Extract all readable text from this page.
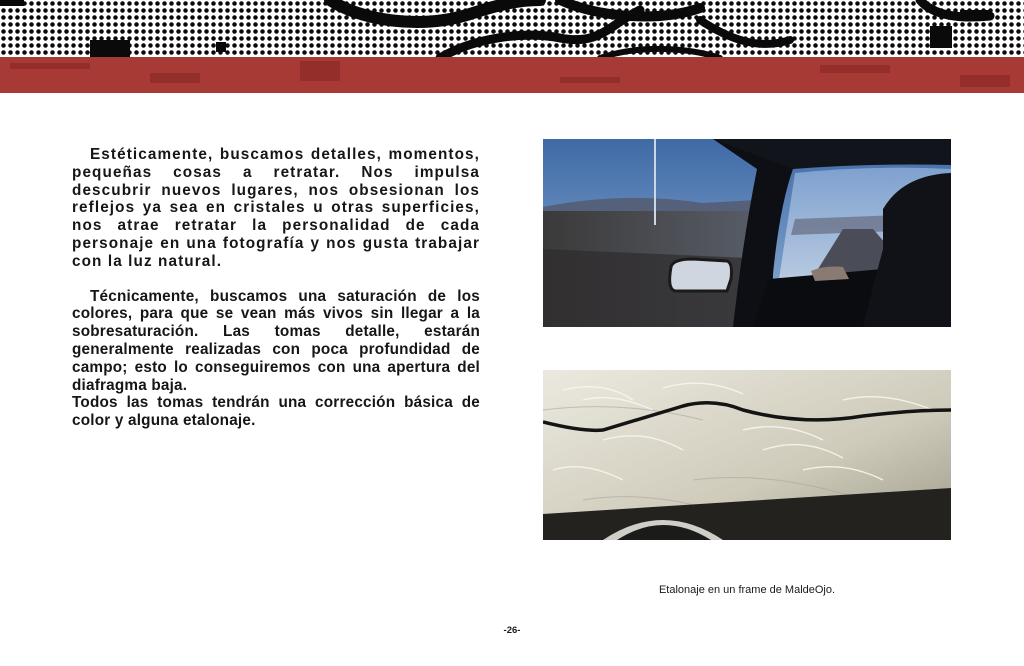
Estéticamente, buscamos detalles, momentos, pequeñas cosas a retratar. Nos impulsa descubrir nuevos lugares, nos obsesionan los reflejos ya sea en cristales u otras superficies, nos atrae retratar la personalidad de cada personaje en una fotografía y nos gusta trabajar con la luz natural.

Técnicamente, buscamos una saturación de los colores, para que se vean más vivos sin llegar a la sobresaturación. Las tomas detalle, estarán generalmente realizadas con poca profundidad de campo; esto lo conseguiremos con una apertura del diafragma baja.

Todos las tomas tendrán una corrección básica de color y alguna etalonaje.

Etalonaje en un frame de MaldeOjo.
-26-
